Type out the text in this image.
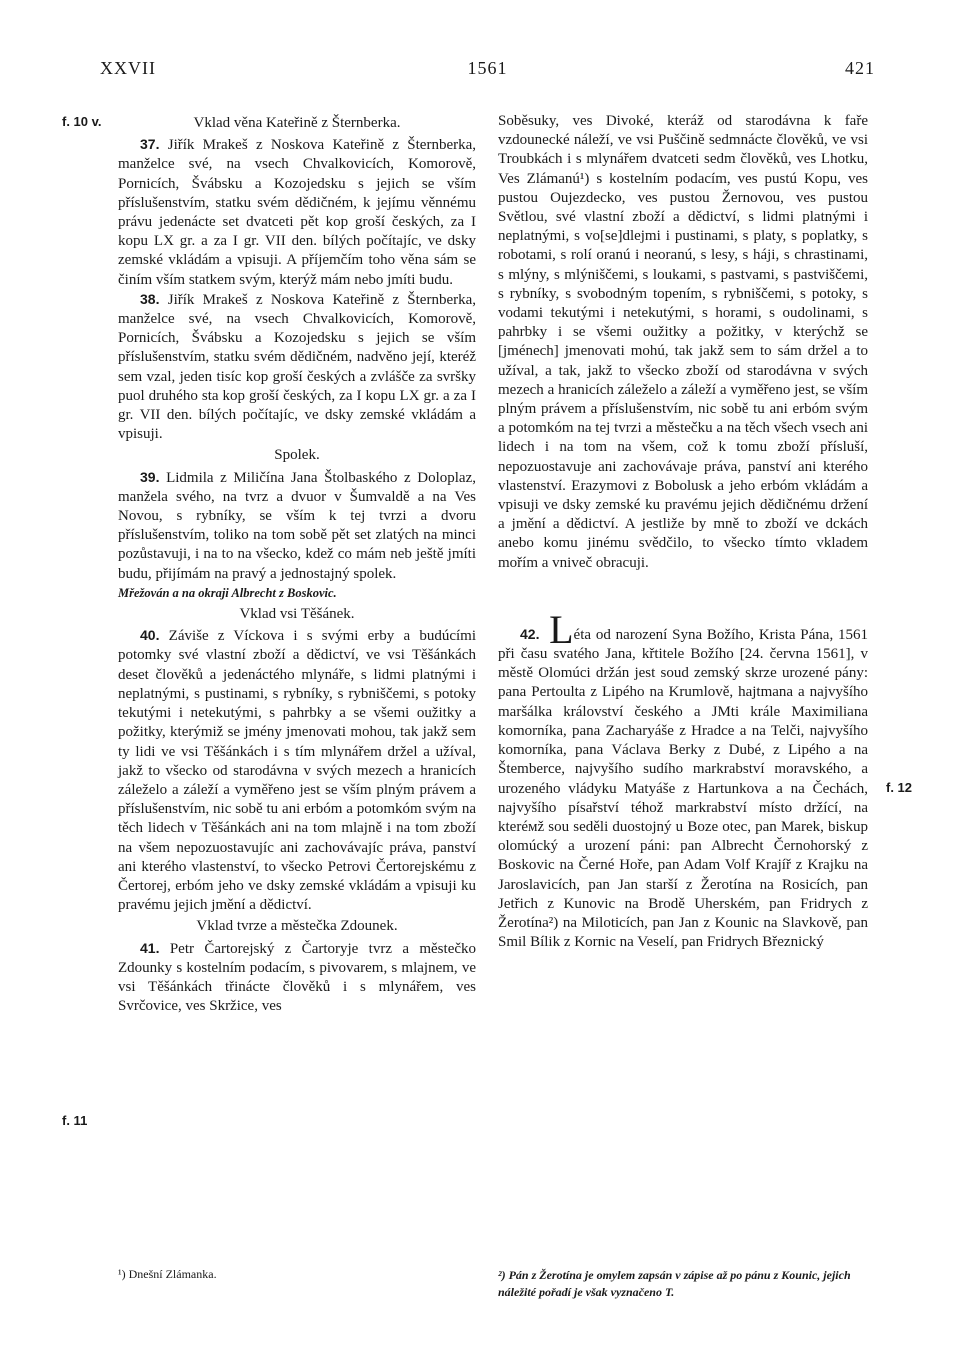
XXVII	1561	421
f. 10 v.
f. 11
f. 12

Vklad věna Kateřině z Šternberka.

37. Jiřík Mrakeš z Noskova Kateřině z Šternberka, manželce své, na vsech Chvalkovicích, Komorově, Pornicích, Švábsku a Kozojedsku s jejich se vším příslušenstvím, statku svém dědičném, k jejímu věnnému právu jedenácte set dvatceti pět kop groší českých, za I kopu LX gr. a za I gr. VII den. bílých počítajíc, ve dsky zemské vkládám a vpisuji. A příjemčím toho věna sám se činím vším statkem svým, kterýž mám nebo jmíti budu.

38. Jiřík Mrakeš z Noskova Kateřině z Šternberka, manželce své, na vsech Chvalkovicích, Komorově, Pornicích, Švábsku a Kozojedsku s jejich se vším příslušenstvím, statku svém dědičném, nadvěno její, kteréž sem vzal, jeden tisíc kop groší českých a zvlášče za svršky puol druhého sta kop groší českých, za I kopu LX gr. a za I gr. VII den. bílých počítajíc, ve dsky zemské vkládám a vpisuji.

Spolek.

39. Lidmila z Miličína Jana Štolbaského z Doloplaz, manžela svého, na tvrz a dvuor v Šumvaldě a na Ves Novou, s rybníky, se vším k tej tvrzi a dvoru příslušenstvím, toliko na tom sobě pět set zlatých na minci pozůstavuji, i na to na všecko, kdež co mám neb ještě jmíti budu, přijímám na pravý a jednostajný spolek.

Mřežován a na okraji Albrecht z Boskovic.

Vklad vsi Těšánek.

40. Záviše z Víckova i s svými erby a budúcími potomky své vlastní zboží a dědictví, ve vsi Těšánkách deset člověků a jedenáctého mlynáře, s lidmi platnými i neplatnými, s pustinami, s rybníky, s rybniščemi, s potoky tekutými i netekutými, s pahrbky a se všemi oužitky a požitky, kterýmiž se jmény jmenovati mohou, tak jakž sem ty lidi ve vsi Těšánkách i s tím mlynářem držel a užíval, jakž to všecko od starodávna v svých mezech a hranicích záleželo a záleží a vyměřeno jest se vším plným právem a příslušenstvím, nic sobě tu ani erbóm a potomkóm svým na těch lidech v Těšánkách ani na tom mlajně i na tom zboží na všem nepozuostavujíc ani zachovávajíc práva, panství ani kterého vlastenství, to všecko Petrovi Čertorejskému z Čertorej, erbóm jeho ve dsky zemské vkládám a vpisuji ku pravému jejich jmění a dědictví.

Vklad tvrze a městečka Zdounek.

41. Petr Čartorejský z Čartoryje tvrz a městečko Zdounky s kostelním podacím, s pivovarem, s mlajnem, ve vsi Těšánkách třinácte člověků i s mlynářem, ves Svrčovice, ves Skržice, ves

Soběsuky, ves Divoké, kteráž od starodávna k faře vzdounecké náleží, ve vsi Puščině sedmnácte člověků, ve vsi Troubkách i s mlynářem dvatceti sedm člověků, ves Lhotku, Ves Zlámanú¹) s kostelním podacím, ves pustú Kopu, ves pustou Oujezdecko, ves pustou Žernovou, ves pustou Světlou, své vlastní zboží a dědictví, s lidmi platnými i neplatnými, s vo[se]dlejmi i pustinami, s platy, s poplatky, s robotami, s rolí oranú i neoranú, s lesy, s háji, s chrastinami, s mlýny, s mlýniščemi, s loukami, s pastvami, s pastviščemi, s rybníky, s svobodným topením, s rybniščemi, s potoky, s vodami tekutými i netekutými, s horami, s oudolinami, s pahrbky i se všemi oužitky a požitky, v kterýchž se [jménech] jmenovati mohú, tak jakž sem to sám držel a to užíval, a tak, jakž to všecko zboží od starodávna v svých mezech a hranicích záleželo a záleží a vyměřeno jest, se vším plným právem a příslušenstvím, nic sobě tu ani erbóm svým a potomkóm na tej tvrzi a městečku a na těch všech vsech ani lidech i na tom na všem, což k tomu zboží přísluší, nepozuostavuje ani zachovávaje práva, panství ani kterého vlastenství. Erazymovi z Bobolusk a jeho erbóm vkládám a vpisuji ve dsky zemské ku pravému jejich dědičnému držení a jmění a dědictví. A jestliže by mně to zboží ve dckách anebo komu jinému svědčilo, to všecko tímto vkladem mořím a vniveč obracuji.

42. Léta od narození Syna Božího, Krista Pána, 1561 při času svatého Jana, křtitele Božího [24. června 1561], v městě Olomúci držán jest soud zemský skrze urozené pány: pana Pertoulta z Lipého na Krumlově, hajtmana a najvyšího maršálka království českého a JMti krále Maximiliana komorníka, pana Zacharyáše z Hradce a na Telči, najvyšího komorníka, pana Václava Berky z Dubé, z Lipého a na Štemberce, najvyšího sudího markrabství moravského, a urozeného vládyku Matyáše z Hartunkova a na Čechách, najvyšího písařství téhož markrabství místo držící, na kteréмž sou seděli duostojný u Boze otec, pan Marek, biskup olomúcký a urození páni: pan Albrecht Černohorský z Boskovic na Černé Hoře, pan Adam Volf Krajíř z Krajku na Jaroslavicích, pan Jan starší z Žerotína na Rosicích, pan Jetřich z Kunovic na Brodě Uherském, pan Fridrych z Žerotína²) na Miloticích, pan Jan z Kounic na Slavkově, pan Smil Bílik z Kornic na Veselí, pan Fridrych Březnický

¹) Dnešní Zlámanka.	²) Pán z Žerotína je omylem zapsán v zápise až po pánu z Kounic, jejich náležité pořadí je však vyznačeno T.
